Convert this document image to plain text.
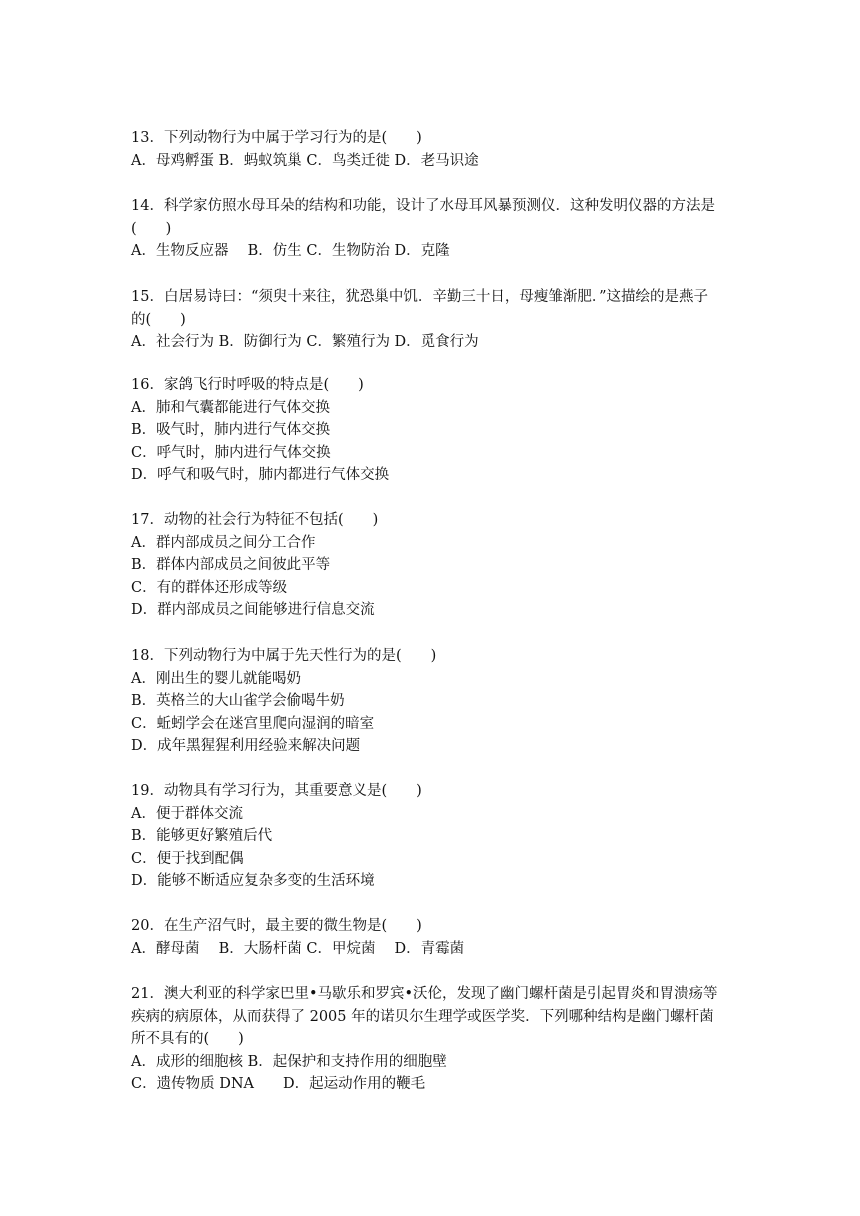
13．下列动物行为中属于学习行为的是(　　)
A．母鸡孵蛋 B．蚂蚁筑巢 C．鸟类迁徙 D．老马识途
14．科学家仿照水母耳朵的结构和功能，设计了水母耳风暴预测仪．这种发明仪器的方法是
(　　)
A．生物反应器　 B．仿生 C．生物防治 D．克隆
15．白居易诗曰：“须臾十来往，犹恐巢中饥．辛勤三十日，母瘦雏渐肥．”这描绘的是燕子
的(　　)
A．社会行为 B．防御行为 C．繁殖行为 D．觅食行为
16．家鸽飞行时呼吸的特点是(　　)
A．肺和气囊都能进行气体交换
B．吸气时，肺内进行气体交换
C．呼气时，肺内进行气体交换
D．呼气和吸气时，肺内都进行气体交换
17．动物的社会行为特征不包括(　　)
A．群内部成员之间分工合作
B．群体内部成员之间彼此平等
C．有的群体还形成等级
D．群内部成员之间能够进行信息交流
18．下列动物行为中属于先天性行为的是(　　)
A．刚出生的婴儿就能喝奶
B．英格兰的大山雀学会偷喝牛奶
C．蚯蚓学会在迷宫里爬向湿润的暗室
D．成年黑猩猩利用经验来解决问题
19．动物具有学习行为，其重要意义是(　　)
A．便于群体交流
B．能够更好繁殖后代
C．便于找到配偶
D．能够不断适应复杂多变的生活环境
20．在生产沼气时，最主要的微生物是(　　)
A．酵母菌　 B．大肠杆菌 C．甲烷菌　 D．青霉菌
21．澳大利亚的科学家巴里•马歇乐和罗宾•沃伦，发现了幽门螺杆菌是引起胃炎和胃溃疡等
疾病的病原体，从而获得了 2005 年的诺贝尔生理学或医学奖．下列哪种结构是幽门螺杆菌
所不具有的(　　)
A．成形的细胞核 B．起保护和支持作用的细胞壁
C．遗传物质 DNA　　D．起运动作用的鞭毛
